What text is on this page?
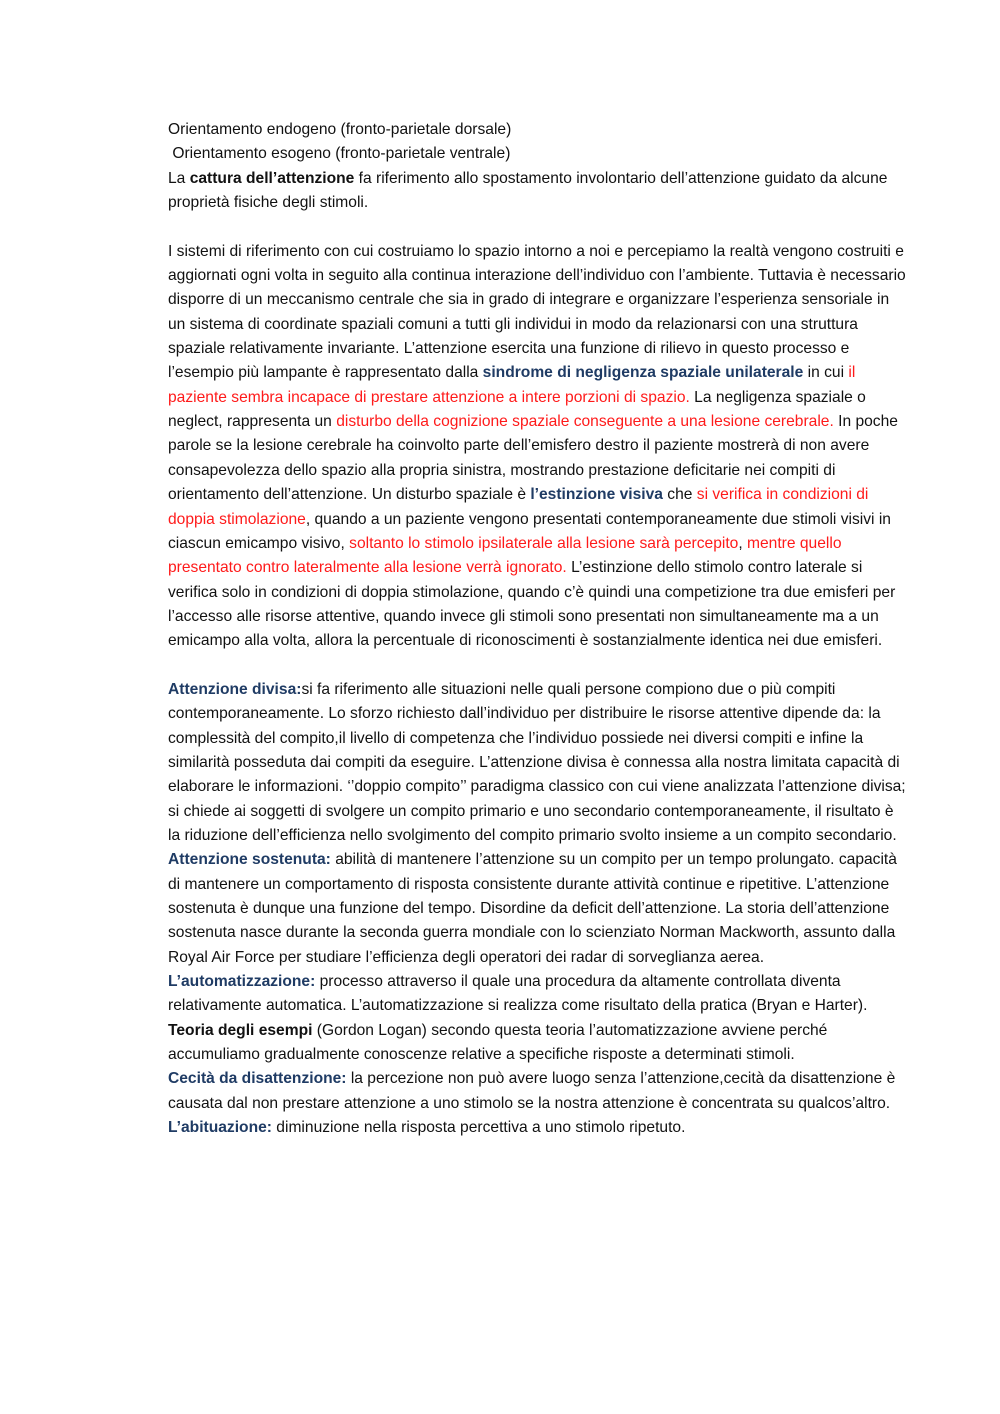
Orientamento endogeno (fronto-parietale dorsale)

Orientamento esogeno (fronto-parietale ventrale)

La cattura dell’attenzione fa riferimento allo spostamento involontario dell’attenzione guidato da alcune proprietà fisiche degli stimoli.

I sistemi di riferimento con cui costruiamo lo spazio intorno a noi e percepiamo la realtà vengono costruiti e aggiornati ogni volta in seguito alla continua interazione dell’individuo con l’ambiente. Tuttavia è necessario disporre di un meccanismo centrale che sia in grado di integrare e organizzare l’esperienza sensoriale in un sistema di coordinate spaziali comuni a tutti gli individui in modo da relazionarsi con una struttura spaziale relativamente invariante. L’attenzione esercita una funzione di rilievo in questo processo e l’esempio più lampante è rappresentato dalla sindrome di negligenza spaziale unilaterale in cui il paziente sembra incapace di prestare attenzione a intere porzioni di spazio. La negligenza spaziale o neglect, rappresenta un disturbo della cognizione spaziale conseguente a una lesione cerebrale. In poche parole se la lesione cerebrale ha coinvolto parte dell’emisfero destro il paziente mostrerà di non avere consapevolezza dello spazio alla propria sinistra, mostrando prestazione deficitarie nei compiti di orientamento dell’attenzione. Un disturbo spaziale è l’estinzione visiva che si verifica in condizioni di doppia stimolazione, quando a un paziente vengono presentati contemporaneamente due stimoli visivi in ciascun emicampo visivo, soltanto lo stimolo ipsilaterale alla lesione sarà percepito, mentre quello presentato contro lateralmente alla lesione verrà ignorato. L’estinzione dello stimolo contro laterale si verifica solo in condizioni di doppia stimolazione, quando c’è quindi una competizione tra due emisferi per l’accesso alle risorse attentive, quando invece gli stimoli sono presentati non simultaneamente ma a un emicampo alla volta, allora la percentuale di riconoscimenti è sostanzialmente identica nei due emisferi.

Attenzione divisa:si fa riferimento alle situazioni nelle quali persone compiono due o più compiti contemporaneamente. Lo sforzo richiesto dall’individuo per distribuire le risorse attentive dipende da: la complessità del compito,il livello di competenza che l’individuo possiede nei diversi compiti e infine la similarità posseduta dai compiti da eseguire. L’attenzione divisa è connessa alla nostra limitata capacità di elaborare le informazioni. ‘’doppio compito’’ paradigma classico con cui viene analizzata l’attenzione divisa; si chiede ai soggetti di svolgere un compito primario e uno secondario contemporaneamente, il risultato è la riduzione dell’efficienza nello svolgimento del compito primario svolto insieme a un compito secondario.

Attenzione sostenuta: abilità di mantenere l’attenzione su un compito per un tempo prolungato. capacità di mantenere un comportamento di risposta consistente durante attività continue e ripetitive. L’attenzione sostenuta è dunque una funzione del tempo. Disordine da deficit dell’attenzione. La storia dell’attenzione sostenuta nasce durante la seconda guerra mondiale con lo scienziato Norman Mackworth, assunto dalla Royal Air Force per studiare l’efficienza degli operatori dei radar di sorveglianza aerea.

L’automatizzazione: processo attraverso il quale una procedura da altamente controllata diventa relativamente automatica. L’automatizzazione si realizza come risultato della pratica (Bryan e Harter). Teoria degli esempi (Gordon Logan) secondo questa teoria l’automatizzazione avviene perché accumuliamo gradualmente conoscenze relative a specifiche risposte a determinati stimoli.

Cecità da disattenzione: la percezione non può avere luogo senza l’attenzione,cecità da disattenzione è causata dal non prestare attenzione a uno stimolo se la nostra attenzione è concentrata su qualcos’altro.

L’abituazione: diminuzione nella risposta percettiva a uno stimolo ripetuto.
